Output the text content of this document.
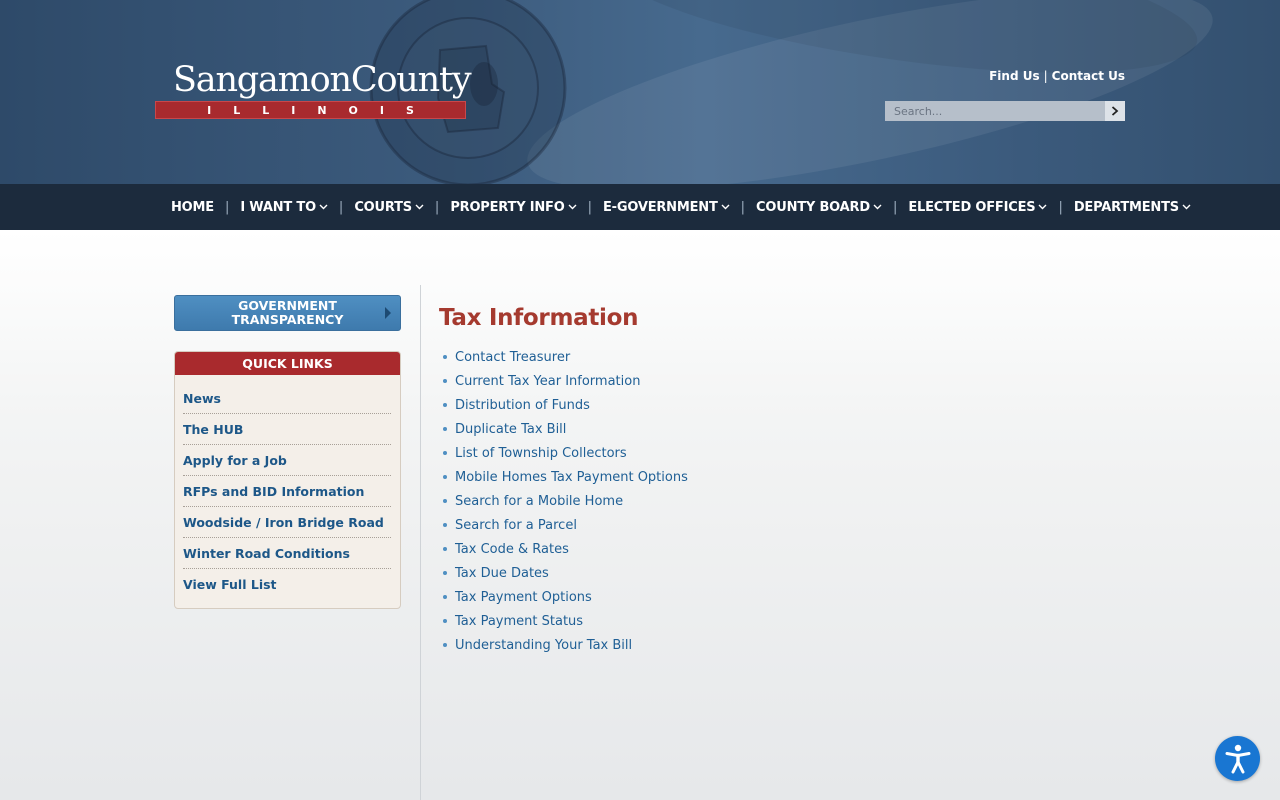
SangamonCounty
ILLINOIS
Find Us | Contact Us
Search...
HOME | I WANT TO | COURTS | PROPERTY INFO | E-GOVERNMENT | COUNTY BOARD | ELECTED OFFICES | DEPARTMENTS
GOVERNMENT
TRANSPARENCY
QUICK LINKS
News
The HUB
Apply for a Job
RFPs and BID Information
Woodside / Iron Bridge Road
Winter Road Conditions
View Full List
Tax Information
Contact Treasurer
Current Tax Year Information
Distribution of Funds
Duplicate Tax Bill
List of Township Collectors
Mobile Homes Tax Payment Options
Search for a Mobile Home
Search for a Parcel
Tax Code & Rates
Tax Due Dates
Tax Payment Options
Tax Payment Status
Understanding Your Tax Bill
